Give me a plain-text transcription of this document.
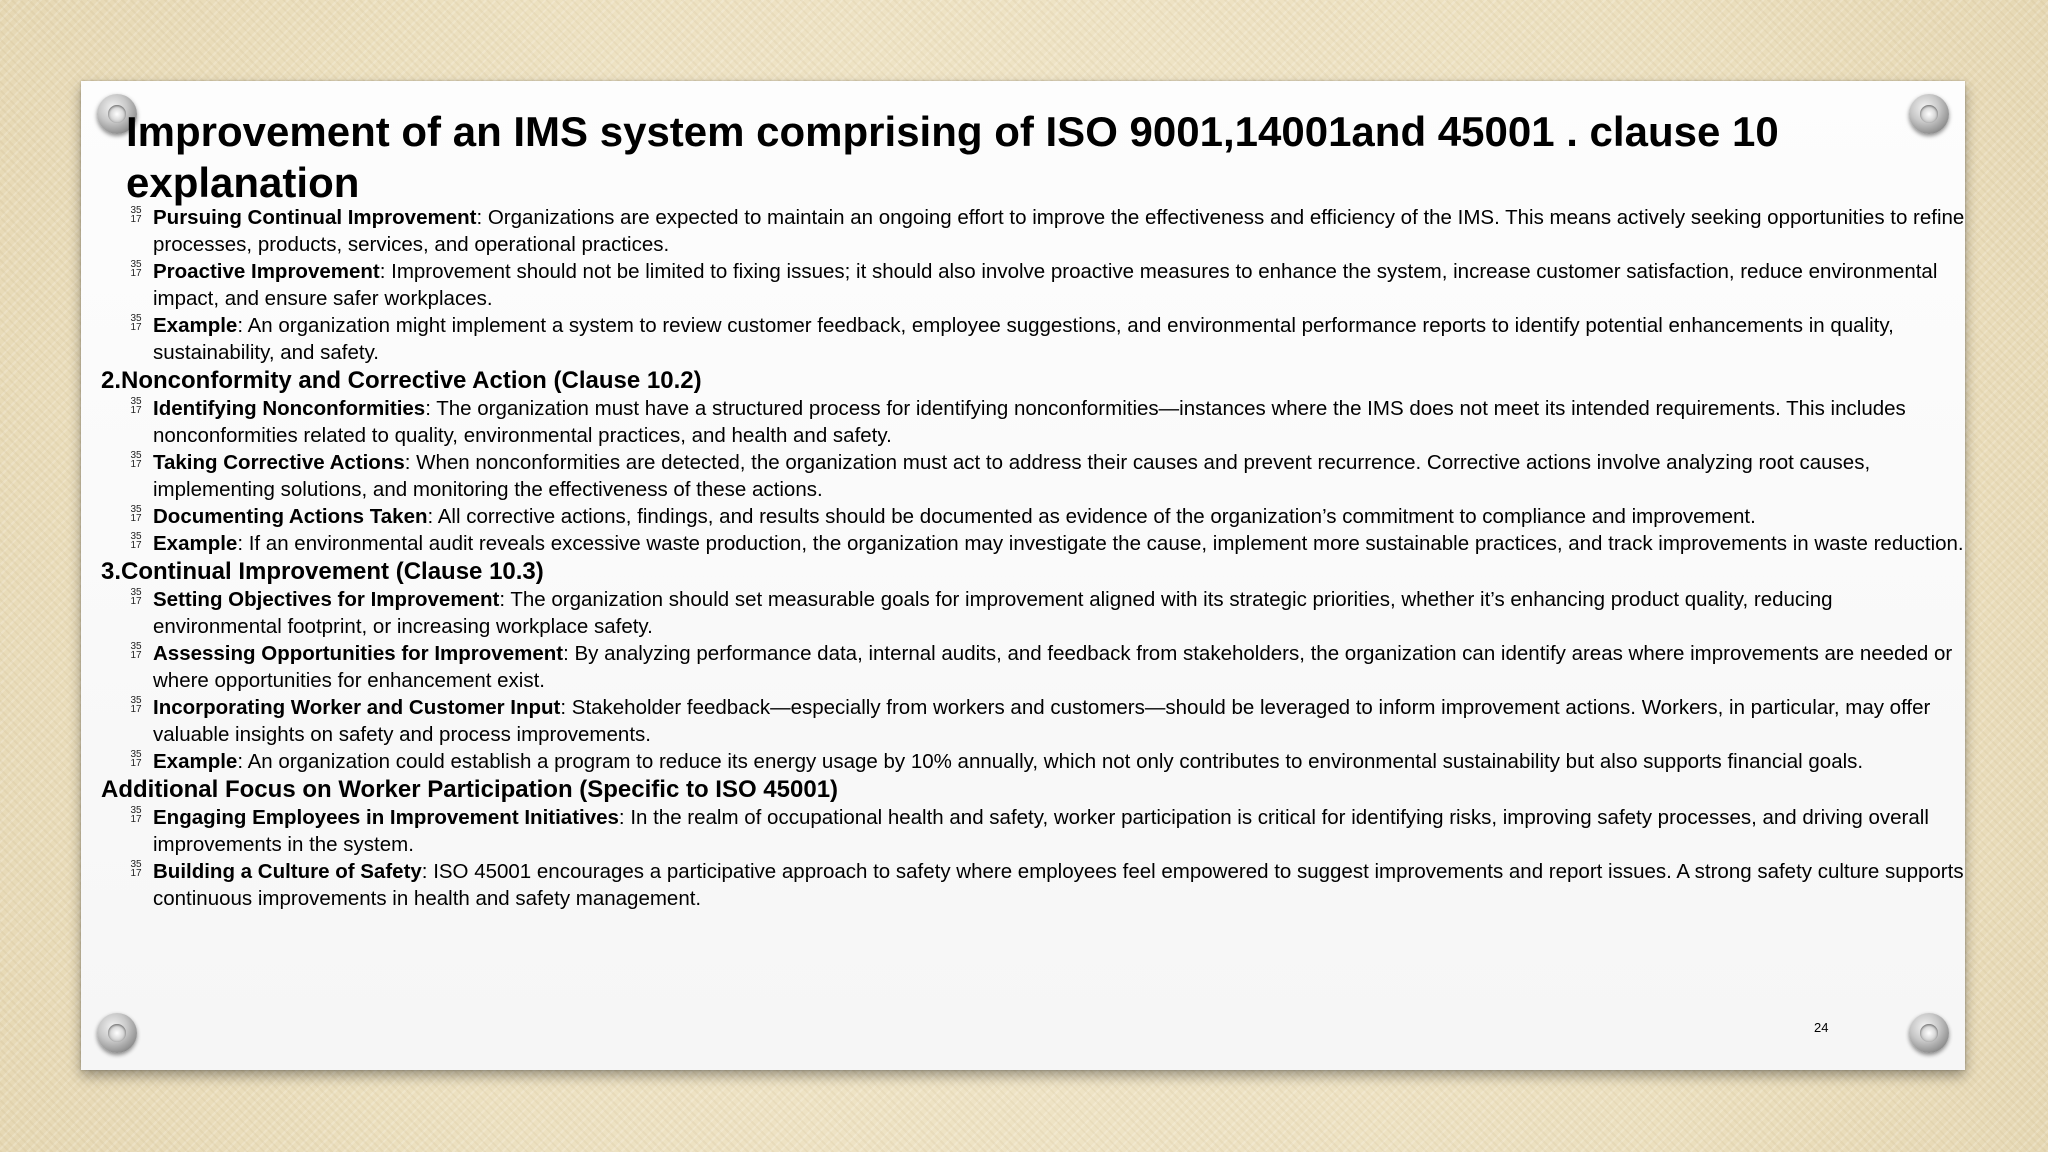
Improvement of an IMS system comprising of ISO 9001,14001and 45001 . clause 10 explanation
35
17 Pursuing Continual Improvement: Organizations are expected to maintain an ongoing effort to improve the effectiveness and efficiency of the IMS. This means actively seeking opportunities to refine processes, products, services, and operational practices.
35
17 Proactive Improvement: Improvement should not be limited to fixing issues; it should also involve proactive measures to enhance the system, increase customer satisfaction, reduce environmental impact, and ensure safer workplaces.
35
17 Example: An organization might implement a system to review customer feedback, employee suggestions, and environmental performance reports to identify potential enhancements in quality, sustainability, and safety.
2.Nonconformity and Corrective Action (Clause 10.2)
35
17 Identifying Nonconformities: The organization must have a structured process for identifying nonconformities—instances where the IMS does not meet its intended requirements. This includes nonconformities related to quality, environmental practices, and health and safety.
35
17 Taking Corrective Actions: When nonconformities are detected, the organization must act to address their causes and prevent recurrence. Corrective actions involve analyzing root causes, implementing solutions, and monitoring the effectiveness of these actions.
35
17 Documenting Actions Taken: All corrective actions, findings, and results should be documented as evidence of the organization’s commitment to compliance and improvement.
35
17 Example: If an environmental audit reveals excessive waste production, the organization may investigate the cause, implement more sustainable practices, and track improvements in waste reduction.
3.Continual Improvement (Clause 10.3)
35
17 Setting Objectives for Improvement: The organization should set measurable goals for improvement aligned with its strategic priorities, whether it’s enhancing product quality, reducing environmental footprint, or increasing workplace safety.
35
17 Assessing Opportunities for Improvement: By analyzing performance data, internal audits, and feedback from stakeholders, the organization can identify areas where improvements are needed or where opportunities for enhancement exist.
35
17 Incorporating Worker and Customer Input: Stakeholder feedback—especially from workers and customers—should be leveraged to inform improvement actions. Workers, in particular, may offer valuable insights on safety and process improvements.
35
17 Example: An organization could establish a program to reduce its energy usage by 10% annually, which not only contributes to environmental sustainability but also supports financial goals.
Additional Focus on Worker Participation (Specific to ISO 45001)
35
17 Engaging Employees in Improvement Initiatives: In the realm of occupational health and safety, worker participation is critical for identifying risks, improving safety processes, and driving overall improvements in the system.
35
17 Building a Culture of Safety: ISO 45001 encourages a participative approach to safety where employees feel empowered to suggest improvements and report issues. A strong safety culture supports continuous improvements in health and safety management.
24
